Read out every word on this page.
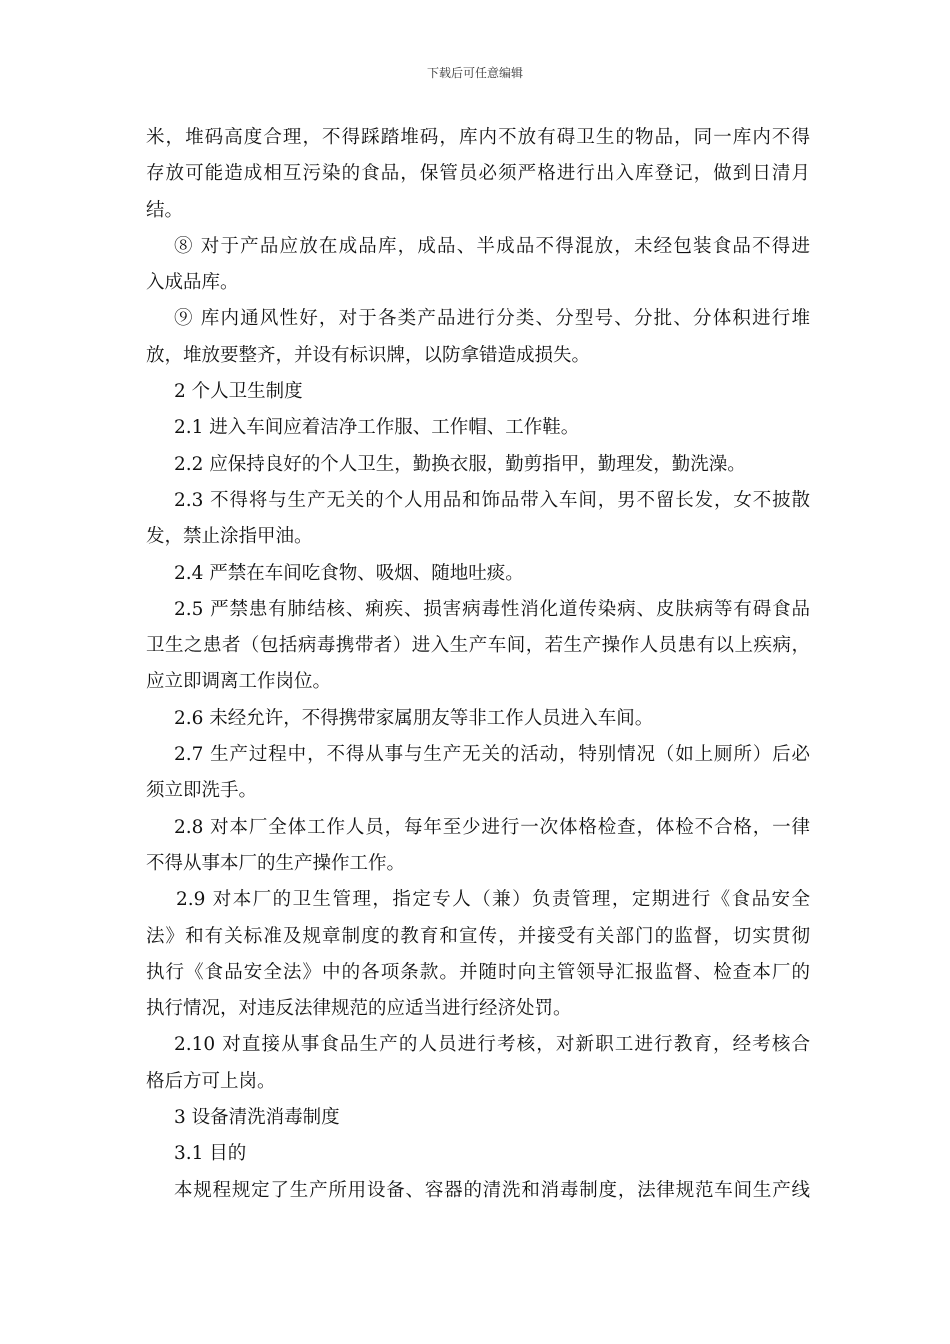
下载后可任意编辑
米，堆码高度合理，不得踩踏堆码，库内不放有碍卫生的物品，同一库内不得
存放可能造成相互污染的食品，保管员必须严格进行出入库登记，做到日清月
结。
⑧ 对于产品应放在成品库，成品、半成品不得混放，未经包装食品不得进
入成品库。
⑨ 库内通风性好，对于各类产品进行分类、分型号、分批、分体积进行堆
放，堆放要整齐，并设有标识牌，以防拿错造成损失。
2 个人卫生制度
2.1 进入车间应着洁净工作服、工作帽、工作鞋。
2.2 应保持良好的个人卫生，勤换衣服，勤剪指甲，勤理发，勤洗澡。
2.3 不得将与生产无关的个人用品和饰品带入车间，男不留长发，女不披散
发，禁止涂指甲油。
2.4 严禁在车间吃食物、吸烟、随地吐痰。
2.5 严禁患有肺结核、痢疾、损害病毒性消化道传染病、皮肤病等有碍食品
卫生之患者（包括病毒携带者）进入生产车间，若生产操作人员患有以上疾病，
应立即调离工作岗位。
2.6 未经允许，不得携带家属朋友等非工作人员进入车间。
2.7 生产过程中，不得从事与生产无关的活动，特别情况（如上厕所）后必
须立即洗手。
2.8 对本厂全体工作人员，每年至少进行一次体格检查，体检不合格，一律
不得从事本厂的生产操作工作。
2.9 对本厂的卫生管理，指定专人（兼）负责管理，定期进行《食品安全
法》和有关标准及规章制度的教育和宣传，并接受有关部门的监督，切实贯彻
执行《食品安全法》中的各项条款。并随时向主管领导汇报监督、检查本厂的
执行情况，对违反法律规范的应适当进行经济处罚。
2.10 对直接从事食品生产的人员进行考核，对新职工进行教育，经考核合
格后方可上岗。
3 设备清洗消毒制度
3.1 目的
本规程规定了生产所用设备、容器的清洗和消毒制度，法律规范车间生产线
